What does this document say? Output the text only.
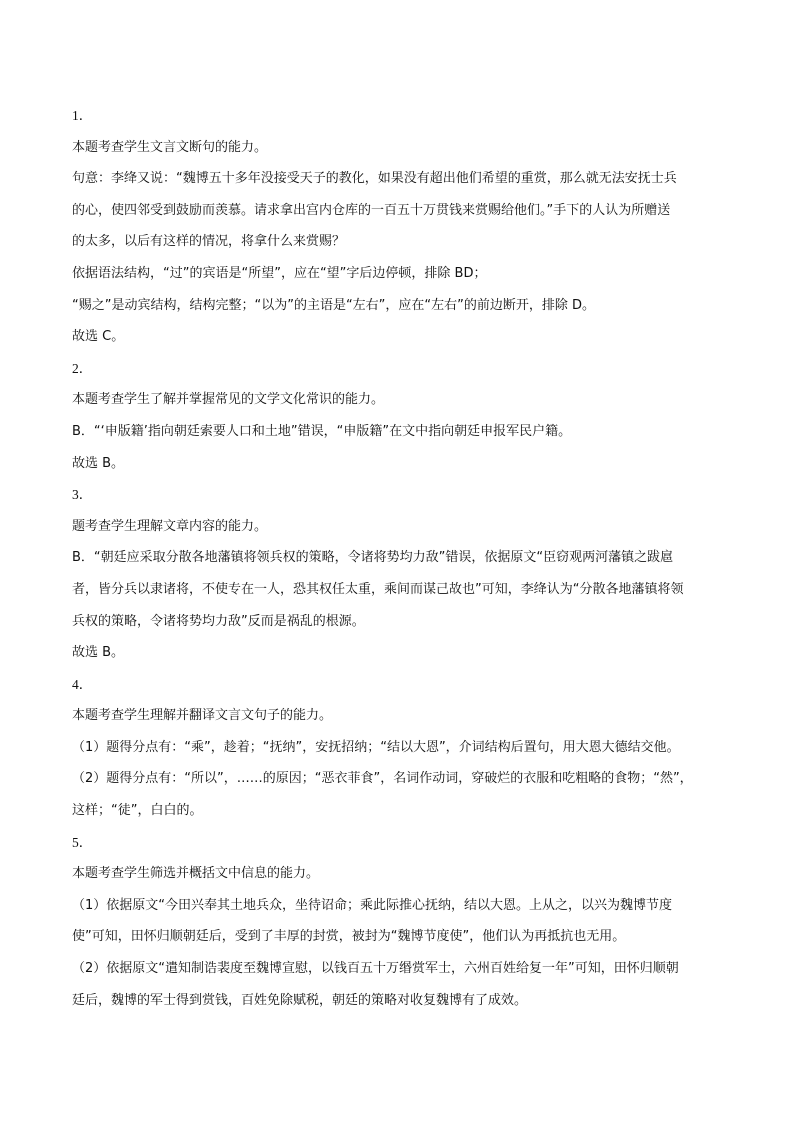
1．
本题考查学生文言文断句的能力。
句意：李绛又说：“魏博五十多年没接受天子的教化，如果没有超出他们希望的重赏，那么就无法安抚士兵
的心，使四邻受到鼓励而羡慕。请求拿出宫内仓库的一百五十万贯钱来赏赐给他们。”手下的人认为所赠送
的太多，以后有这样的情况，将拿什么来赏赐？
依据语法结构，“过”的宾语是“所望”，应在“望”字后边停顿，排除 BD；
“赐之”是动宾结构，结构完整；“以为”的主语是“左右”，应在“左右”的前边断开，排除 D。
故选 C。
2．
本题考查学生了解并掌握常见的文学文化常识的能力。
B．“‘申版籍’指向朝廷索要人口和土地”错误，“申版籍”在文中指向朝廷申报军民户籍。
故选 B。
3．
题考查学生理解文章内容的能力。
B．“朝廷应采取分散各地藩镇将领兵权的策略，令诸将势均力敌”错误，依据原文“臣窃观两河藩镇之跋扈
者，皆分兵以隶诸将，不使专在一人，恐其权任太重，乘间而谋己故也”可知，李绛认为“分散各地藩镇将领
兵权的策略，令诸将势均力敌”反而是祸乱的根源。
故选 B。
4．
本题考查学生理解并翻译文言文句子的能力。
（1）题得分点有：“乘”，趁着；“抚纳”，安抚招纳；“结以大恩”，介词结构后置句，用大恩大德结交他。
（2）题得分点有：“所以”，……的原因；“恶衣菲食”，名词作动词，穿破烂的衣服和吃粗略的食物；“然”，
这样；“徒”，白白的。
5．
本题考查学生筛选并概括文中信息的能力。
（1）依据原文“今田兴奉其土地兵众，坐待诏命；乘此际推心抚纳，结以大恩。上从之，以兴为魏博节度
使”可知，田怀归顺朝廷后，受到了丰厚的封赏，被封为“魏博节度使”，他们认为再抵抗也无用。
（2）依据原文“遣知制诰裴度至魏博宣慰，以钱百五十万缗赏军士，六州百姓给复一年”可知，田怀归顺朝
廷后，魏博的军士得到赏钱，百姓免除赋税，朝廷的策略对收复魏博有了成效。
